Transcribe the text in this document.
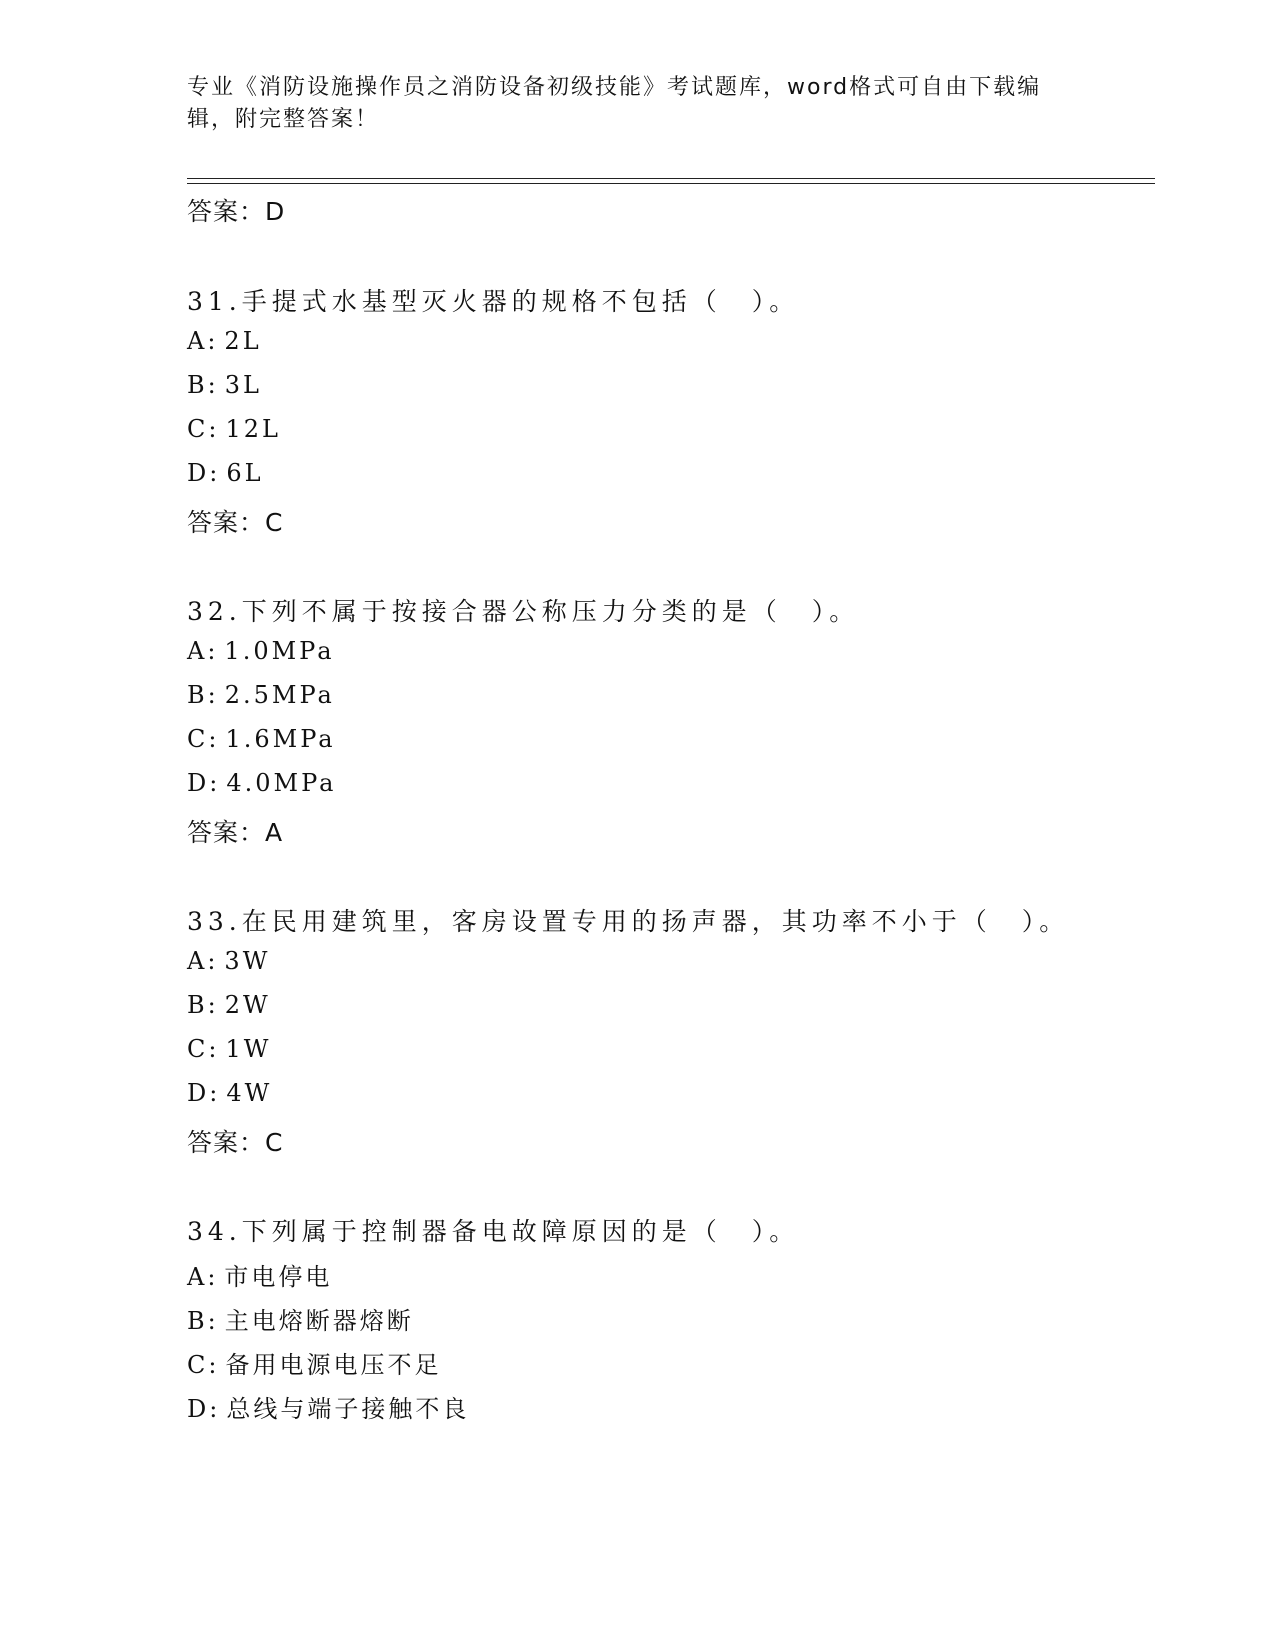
专业《消防设施操作员之消防设备初级技能》考试题库，word格式可自由下载编辑，附完整答案！
答案：D
31.手提式水基型灭火器的规格不包括（　）。
A: 2L
B: 3L
C: 12L
D: 6L
答案：C
32.下列不属于按接合器公称压力分类的是（　）。
A: 1.0MPa
B: 2.5MPa
C: 1.6MPa
D: 4.0MPa
答案：A
33.在民用建筑里，客房设置专用的扬声器，其功率不小于（　）。
A: 3W
B: 2W
C: 1W
D: 4W
答案：C
34.下列属于控制器备电故障原因的是（　）。
A: 市电停电
B: 主电熔断器熔断
C: 备用电源电压不足
D: 总线与端子接触不良
